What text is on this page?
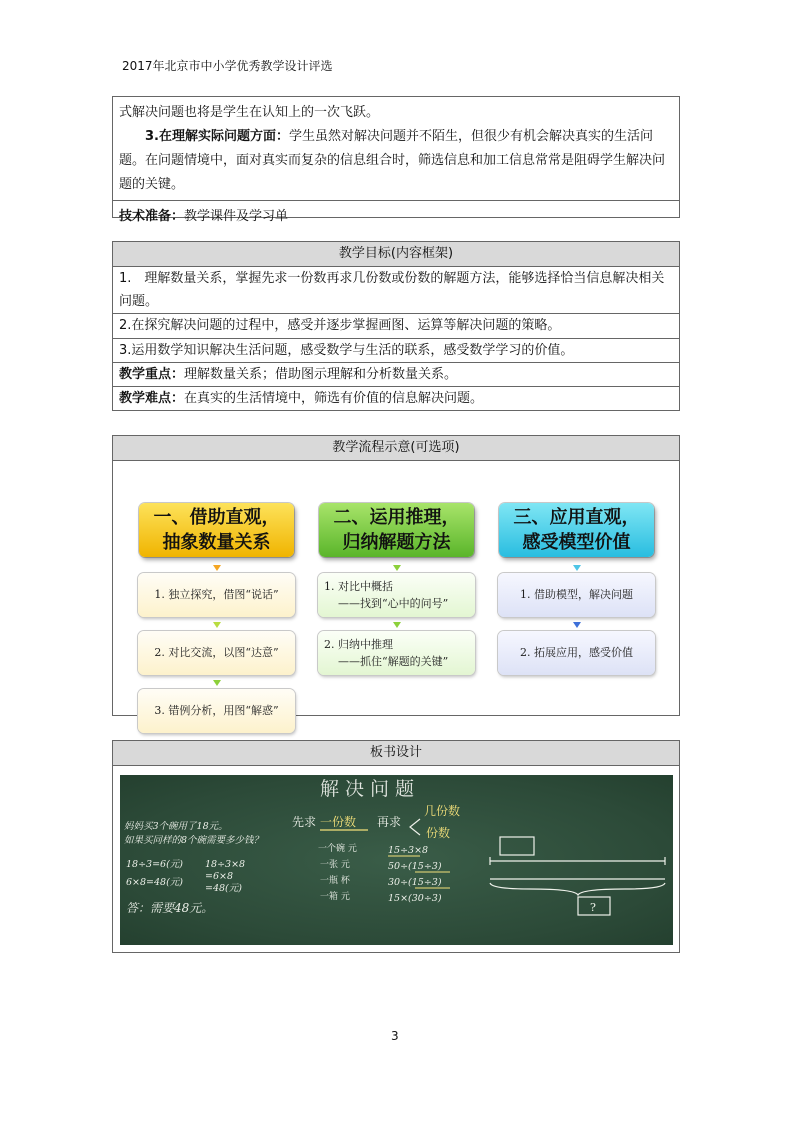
2017年北京市中小学优秀教学设计评选
式解决问题也将是学生在认知上的一次飞跃。
3.在理解实际问题方面：学生虽然对解决问题并不陌生，但很少有机会解决真实的生活问题。在问题情境中，面对真实而复杂的信息组合时，筛选信息和加工信息常常是阻碍学生解决问题的关键。
技术准备：教学课件及学习单
教学目标(内容框架)
1.　理解数量关系，掌握先求一份数再求几份数或份数的解题方法，能够选择恰当信息解决相关问题。
2.在探究解决问题的过程中，感受并逐步掌握画图、运算等解决问题的策略。
3.运用数学知识解决生活问题，感受数学与生活的联系，感受数学学习的价值。
教学重点：理解数量关系；借助图示理解和分析数量关系。
教学难点：在真实的生活情境中，筛选有价值的信息解决问题。
教学流程示意(可选项)
一、借助直观，
抽象数量关系
二、运用推理，
归纳解题方法
三、应用直观，
感受模型价值
1. 独立探究，借图“说话”
2. 对比交流，以图“达意”
3. 错例分析，用图“解惑”
1. 对比中概括
——找到“心中的问号”
2. 归纳中推理
——抓住“解题的关键”
1. 借助模型，解决问题
2. 拓展应用，感受价值
板书设计
解决问题
妈妈买3个碗用了18元。
如果买同样的8个碗需要多少钱？
18÷3=6(元)
6×8=48(元)
18÷3×8
=6×8
=48(元)
答：需要48元。
先求 一份数 再求
几份数
份数
一个碗 元
一张 元
一瓶 杯
一箱 元
15÷3×8
50÷(15÷3)
30÷(15÷3)
15×(30÷3)
?
3
